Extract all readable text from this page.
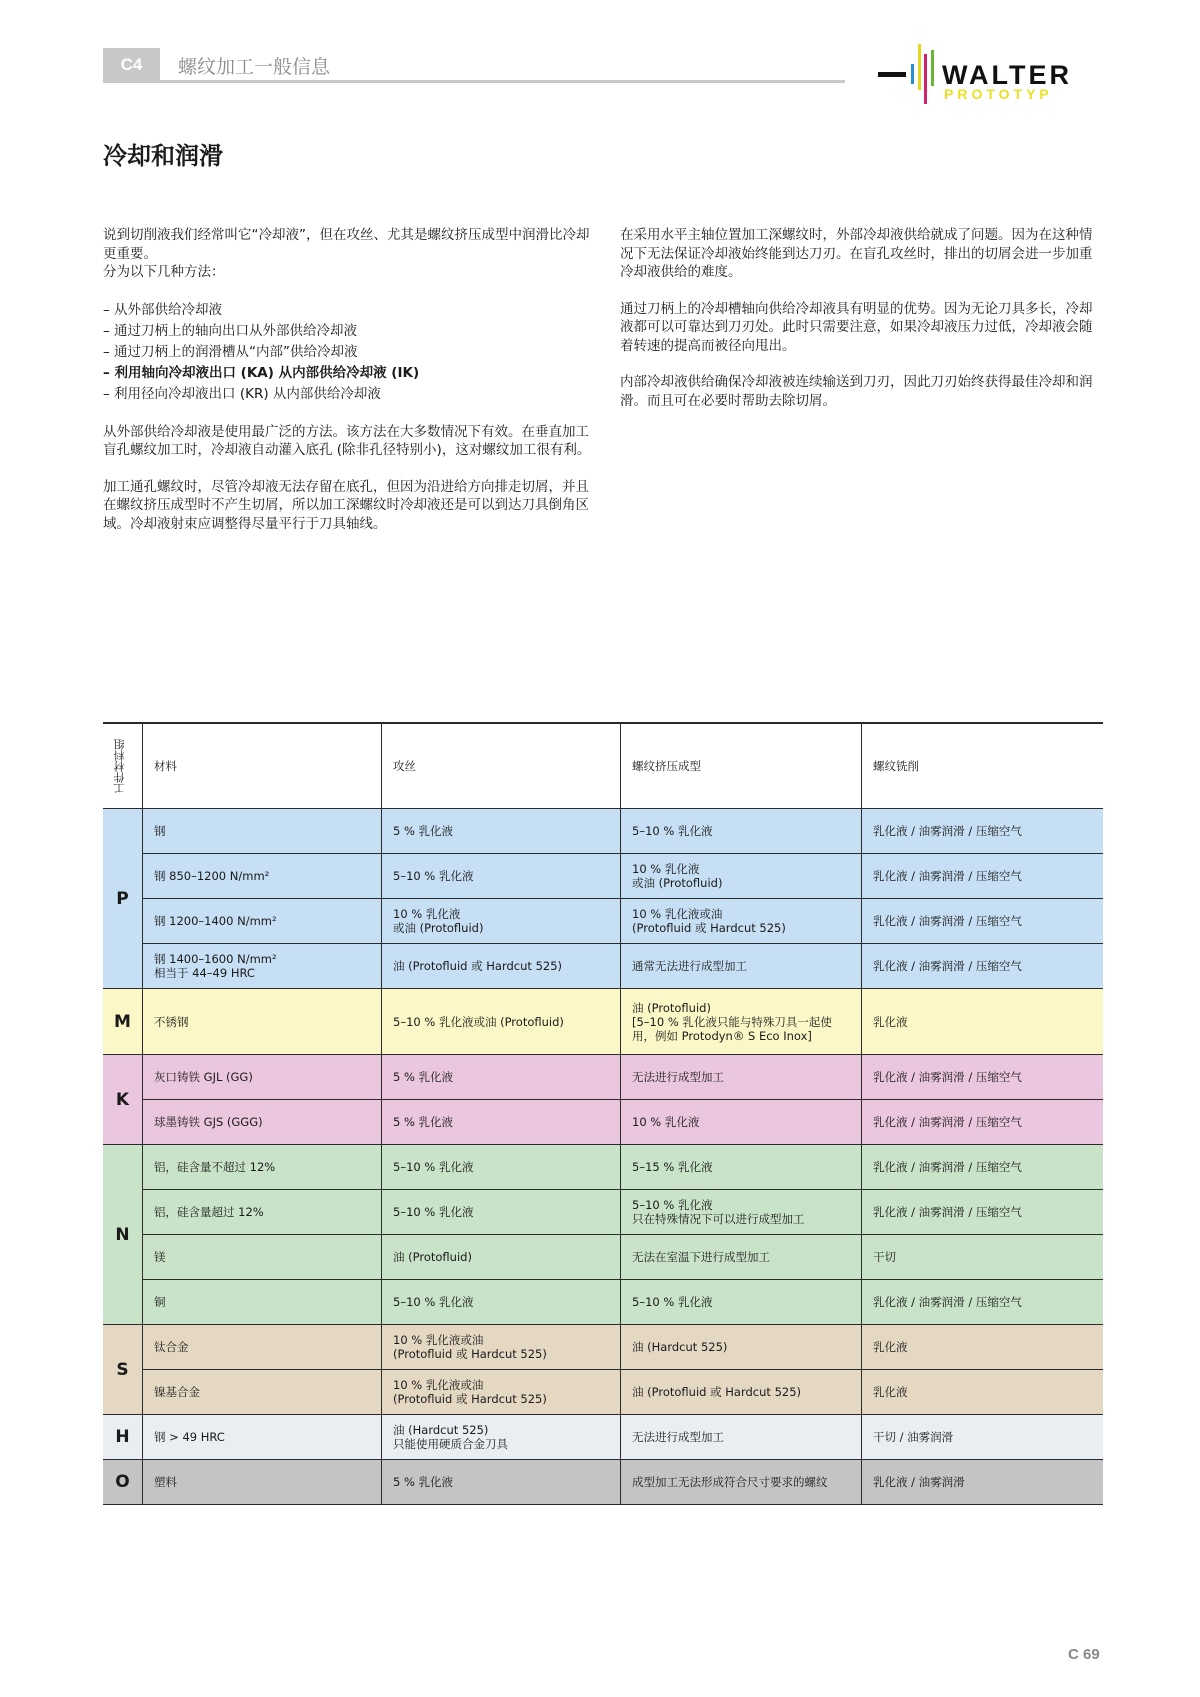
C4	螺纹加工一般信息	WALTER
PROTOTYP
冷却和润滑

说到切削液我们经常叫它“冷却液”，但在攻丝、尤其是螺纹挤压成型中润滑比冷却更重要。
分为以下几种方法：

– 从外部供给冷却液
– 通过刀柄上的轴向出口从外部供给冷却液
– 通过刀柄上的润滑槽从“内部”供给冷却液
– 利用轴向冷却液出口 (KA) 从内部供给冷却液 (IK)
– 利用径向冷却液出口 (KR) 从内部供给冷却液

从外部供给冷却液是使用最广泛的方法。该方法在大多数情况下有效。在垂直加工盲孔螺纹加工时，冷却液自动灌入底孔 (除非孔径特别小)，这对螺纹加工很有利。

加工通孔螺纹时，尽管冷却液无法存留在底孔，但因为沿进给方向排走切屑，并且在螺纹挤压成型时不产生切屑，所以加工深螺纹时冷却液还是可以到达刀具倒角区域。冷却液射束应调整得尽量平行于刀具轴线。

在采用水平主轴位置加工深螺纹时，外部冷却液供给就成了问题。因为在这种情况下无法保证冷却液始终能到达刀刃。在盲孔攻丝时，排出的切屑会进一步加重冷却液供给的难度。

通过刀柄上的冷却槽轴向供给冷却液具有明显的优势。因为无论刀具多长，冷却液都可以可靠达到刀刃处。此时只需要注意，如果冷却液压力过低，冷却液会随着转速的提高而被径向甩出。

内部冷却液供给确保冷却液被连续输送到刀刃，因此刀刃始终获得最佳冷却和润滑。而且可在必要时帮助去除切屑。

工件材料组	材料	攻丝	螺纹挤压成型	螺纹铣削
P	钢	5 % 乳化液	5–10 % 乳化液	乳化液 / 油雾润滑 / 压缩空气
	钢 850–1200 N/mm²	5–10 % 乳化液	10 % 乳化液
或油 (Protofluid)	乳化液 / 油雾润滑 / 压缩空气
	钢 1200–1400 N/mm²	10 % 乳化液
或油 (Protofluid)	10 % 乳化液或油
(Protofluid 或 Hardcut 525)	乳化液 / 油雾润滑 / 压缩空气
	钢 1400–1600 N/mm²
相当于 44–49 HRC	油 (Protofluid 或 Hardcut 525)	通常无法进行成型加工	乳化液 / 油雾润滑 / 压缩空气
M	不锈钢	5–10 % 乳化液或油 (Protofluid)	油 (Protofluid)
[5–10 % 乳化液只能与特殊刀具一起使用，例如 Protodyn® S Eco Inox]	乳化液
K	灰口铸铁 GJL (GG)	5 % 乳化液	无法进行成型加工	乳化液 / 油雾润滑 / 压缩空气
	球墨铸铁 GJS (GGG)	5 % 乳化液	10 % 乳化液	乳化液 / 油雾润滑 / 压缩空气
N	铝，硅含量不超过 12%	5–10 % 乳化液	5–15 % 乳化液	乳化液 / 油雾润滑 / 压缩空气
	铝，硅含量超过 12%	5–10 % 乳化液	5–10 % 乳化液
只在特殊情况下可以进行成型加工	乳化液 / 油雾润滑 / 压缩空气
	镁	油 (Protofluid)	无法在室温下进行成型加工	干切
	铜	5–10 % 乳化液	5–10 % 乳化液	乳化液 / 油雾润滑 / 压缩空气
S	钛合金	10 % 乳化液或油
(Protofluid 或 Hardcut 525)	油 (Hardcut 525)	乳化液
	镍基合金	10 % 乳化液或油
(Protofluid 或 Hardcut 525)	油 (Protofluid 或 Hardcut 525)	乳化液
H	钢 > 49 HRC	油 (Hardcut 525)
只能使用硬质合金刀具	无法进行成型加工	干切 / 油雾润滑
O	塑料	5 % 乳化液	成型加工无法形成符合尺寸要求的螺纹	乳化液 / 油雾润滑
C 69
